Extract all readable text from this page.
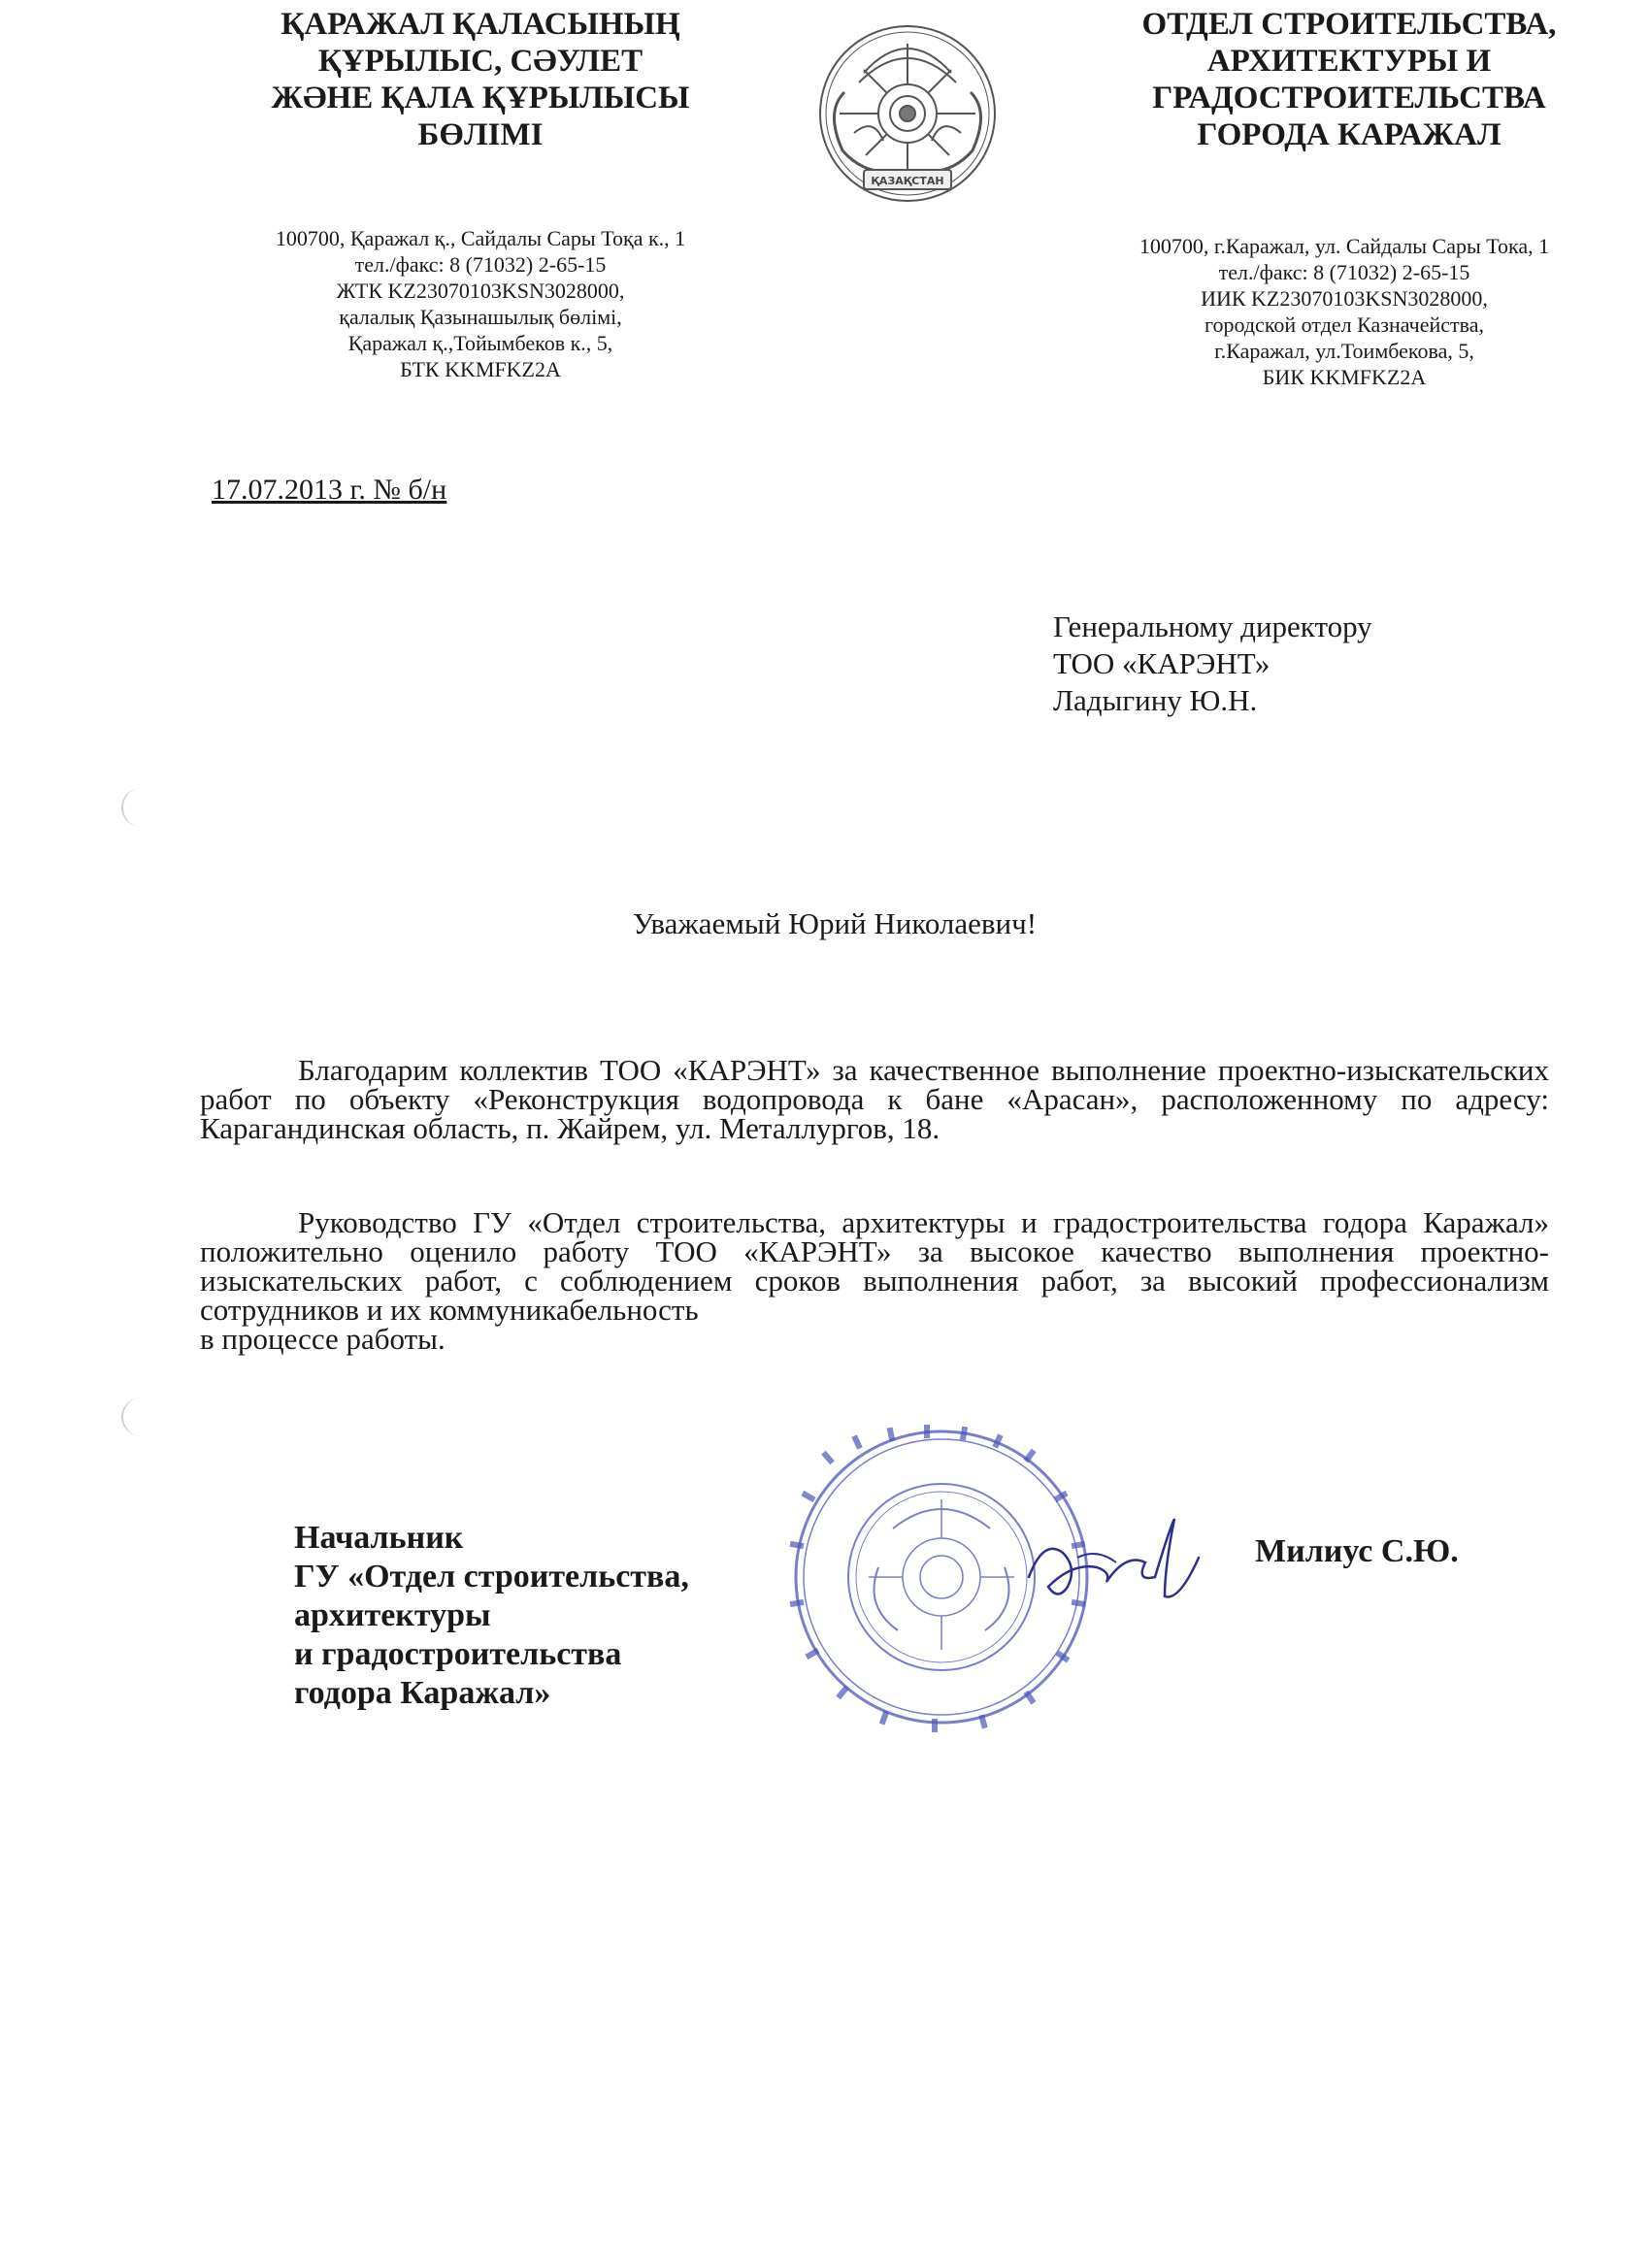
ҚАРАЖАЛ ҚАЛАСЫНЫҢ
ҚҰРЫЛЫС, СӘУЛЕТ
ЖӘНЕ ҚАЛА ҚҰРЫЛЫСЫ
БӨЛІМІ
100700, Қаражал қ., Сайдалы Сары Тоқа к., 1
тел./факс: 8 (71032) 2-65-15
ЖТК KZ23070103KSN3028000,
қалалық Қазынашылық бөлімі,
Қаражал қ.,Тойымбеков к., 5,
БТК KKMFKZ2A
ҚАЗАҚСТАН
ОТДЕЛ СТРОИТЕЛЬСТВА,
АРХИТЕКТУРЫ И
ГРАДОСТРОИТЕЛЬСТВА
ГОРОДА КАРАЖАЛ
100700, г.Каражал, ул. Сайдалы Сары Тока, 1
тел./факс: 8 (71032) 2-65-15
ИИК KZ23070103KSN3028000,
городской отдел Казначейства,
г.Каражал, ул.Тоимбекова, 5,
БИК KKMFKZ2A
17.07.2013 г. № б/н
Генеральному директору
ТОО «КАРЭНТ»
Ладыгину Ю.Н.
Уважаемый Юрий Николаевич!
Благодарим коллектив ТОО «КАРЭНТ» за качественное выполнение проектно-изыскательских работ по объекту «Реконструкция водопровода к бане «Арасан», расположенному по адресу: Карагандинская область, п. Жайрем, ул. Металлургов, 18.
Руководство ГУ «Отдел строительства, архитектуры и градостроительства годора Каражал» положительно оценило работу ТОО «КАРЭНТ» за высокое качество выполнения проектно-изыскательских работ, с соблюдением сроков выполнения работ, за высокий профессионализм сотрудников и их коммуникабельность
в процессе работы.
Начальник
ГУ «Отдел строительства,
архитектуры
и градостроительства
годора Каражал»
Милиус С.Ю.
